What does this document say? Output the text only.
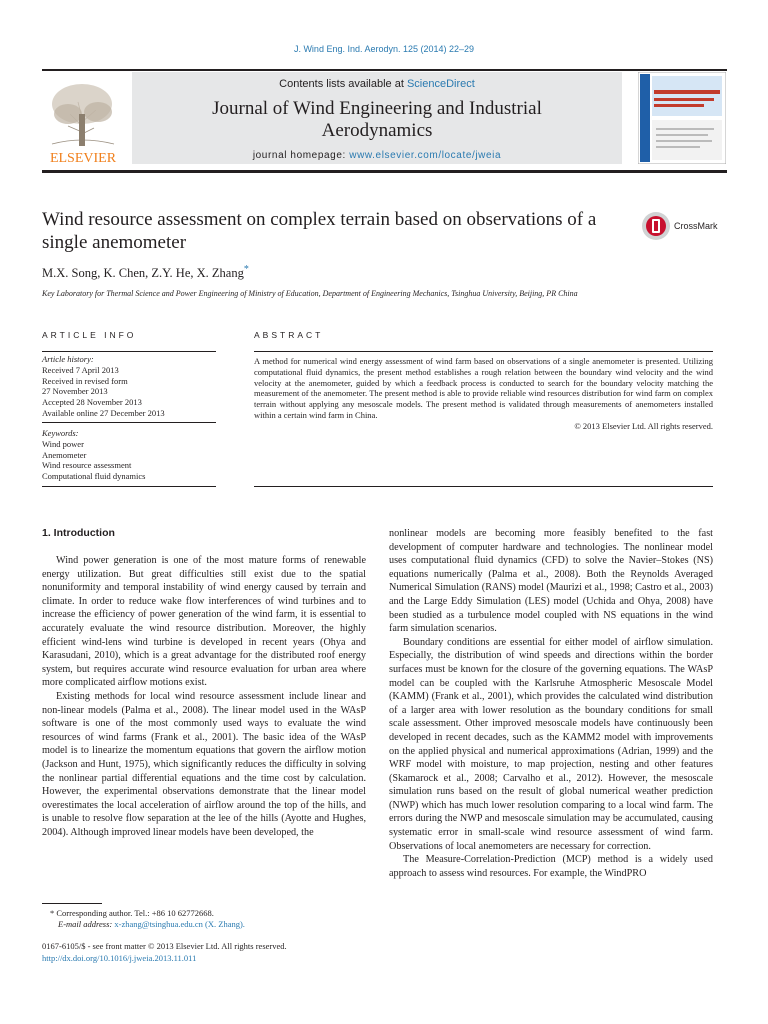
J. Wind Eng. Ind. Aerodyn. 125 (2014) 22–29
ELSEVIER
Contents lists available at ScienceDirect
Journal of Wind Engineering and Industrial Aerodynamics
journal homepage: www.elsevier.com/locate/jweia
Wind resource assessment on complex terrain based on observations of a single anemometer
CrossMark
M.X. Song, K. Chen, Z.Y. He, X. Zhang*
Key Laboratory for Thermal Science and Power Engineering of Ministry of Education, Department of Engineering Mechanics, Tsinghua University, Beijing, PR China
ARTICLE INFO	ABSTRACT
Article history:
Received 7 April 2013
Received in revised form
27 November 2013
Accepted 28 November 2013
Available online 27 December 2013
Keywords:
Wind power
Anemometer
Wind resource assessment
Computational fluid dynamics
A method for numerical wind energy assessment of wind farm based on observations of a single anemometer is presented. Utilizing computational fluid dynamics, the present method establishes a rough relation between the boundary wind velocity and the wind velocity at the anemometer, guided by which a feedback process is conducted to search for the boundary velocity matching the measurement of the anemometer. The present method is able to provide reliable wind resources distribution for wind farm on complex terrain without applying any mesoscale models. The present method is validated through measurements of anemometers installed within a certain wind farm in China.
© 2013 Elsevier Ltd. All rights reserved.
1. Introduction

Wind power generation is one of the most mature forms of renewable energy utilization. But great difficulties still exist due to the spatial nonuniformity and temporal instability of wind energy caused by terrain and climate. In order to reduce wake flow interferences of wind turbines and to increase the efficiency of power generation of the wind farm, it is essential to accurately evaluate the wind resource distribution. Moreover, the highly efficient wind-lens wind turbine is developed in recent years (Ohya and Karasudani, 2010), which is a great advantage for the distributed roof energy system, but requires accurate wind resource evaluation for urban area where more complicated airflow motions exist.

Existing methods for local wind resource assessment include linear and non-linear models (Palma et al., 2008). The linear model used in the WAsP software is one of the most commonly used ways to evaluate the wind resources of wind farms (Frank et al., 2001). The basic idea of the WAsP model is to linearize the momentum equations that govern the airflow motion (Jackson and Hunt, 1975), which significantly reduces the difficulty in solving the nonlinear partial differential equations and the time cost by calculation. However, the experimental observations demonstrate that the linear model overestimates the local acceleration of airflow around the top of the hills, and is unable to resolve flow separation at the lee of the hills (Ayotte and Hughes, 2004). Although improved linear models have been developed, the

nonlinear models are becoming more feasibly benefited to the fast development of computer hardware and technologies. The nonlinear model uses computational fluid dynamics (CFD) to solve the Navier–Stokes (NS) equations numerically (Palma et al., 2008). Both the Reynolds Averaged Numerical Simulation (RANS) model (Maurizi et al., 1998; Castro et al., 2003) and the Large Eddy Simulation (LES) model (Uchida and Ohya, 2008) have been studied as a turbulence model coupled with NS equations in the wind farm simulation scenarios.

Boundary conditions are essential for either model of airflow simulation. Especially, the distribution of wind speeds and directions within the border surfaces must be known for the closure of the governing equations. The WAsP model can be coupled with the Karlsruhe Atmospheric Mesoscale Model (KAMM) (Frank et al., 2001), which provides the calculated wind distribution of a larger area with lower resolution as the boundary conditions for small scale assessment. Other improved mesoscale models have continuously been developed in recent decades, such as the KAMM2 model with improvements on the applied physical and numerical approximations (Adrian, 1999) and the WRF model with moisture, to map projection, nesting and other features (Skamarock et al., 2008; Carvalho et al., 2012). However, the mesoscale simulation runs based on the result of global numerical weather prediction (NWP) which has much lower resolution comparing to a local wind farm. The errors during the NWP and mesoscale simulation may be accumulated, causing systematic error in small-scale wind resource assessment of wind farm. Observations of local anemometers are necessary for correction.

The Measure-Correlation-Prediction (MCP) method is a widely used approach to assess wind resources. For example, the WindPRO

* Corresponding author. Tel.: +86 10 62772668.
E-mail address: x-zhang@tsinghua.edu.cn (X. Zhang).
0167-6105/$ - see front matter © 2013 Elsevier Ltd. All rights reserved.
http://dx.doi.org/10.1016/j.jweia.2013.11.011
